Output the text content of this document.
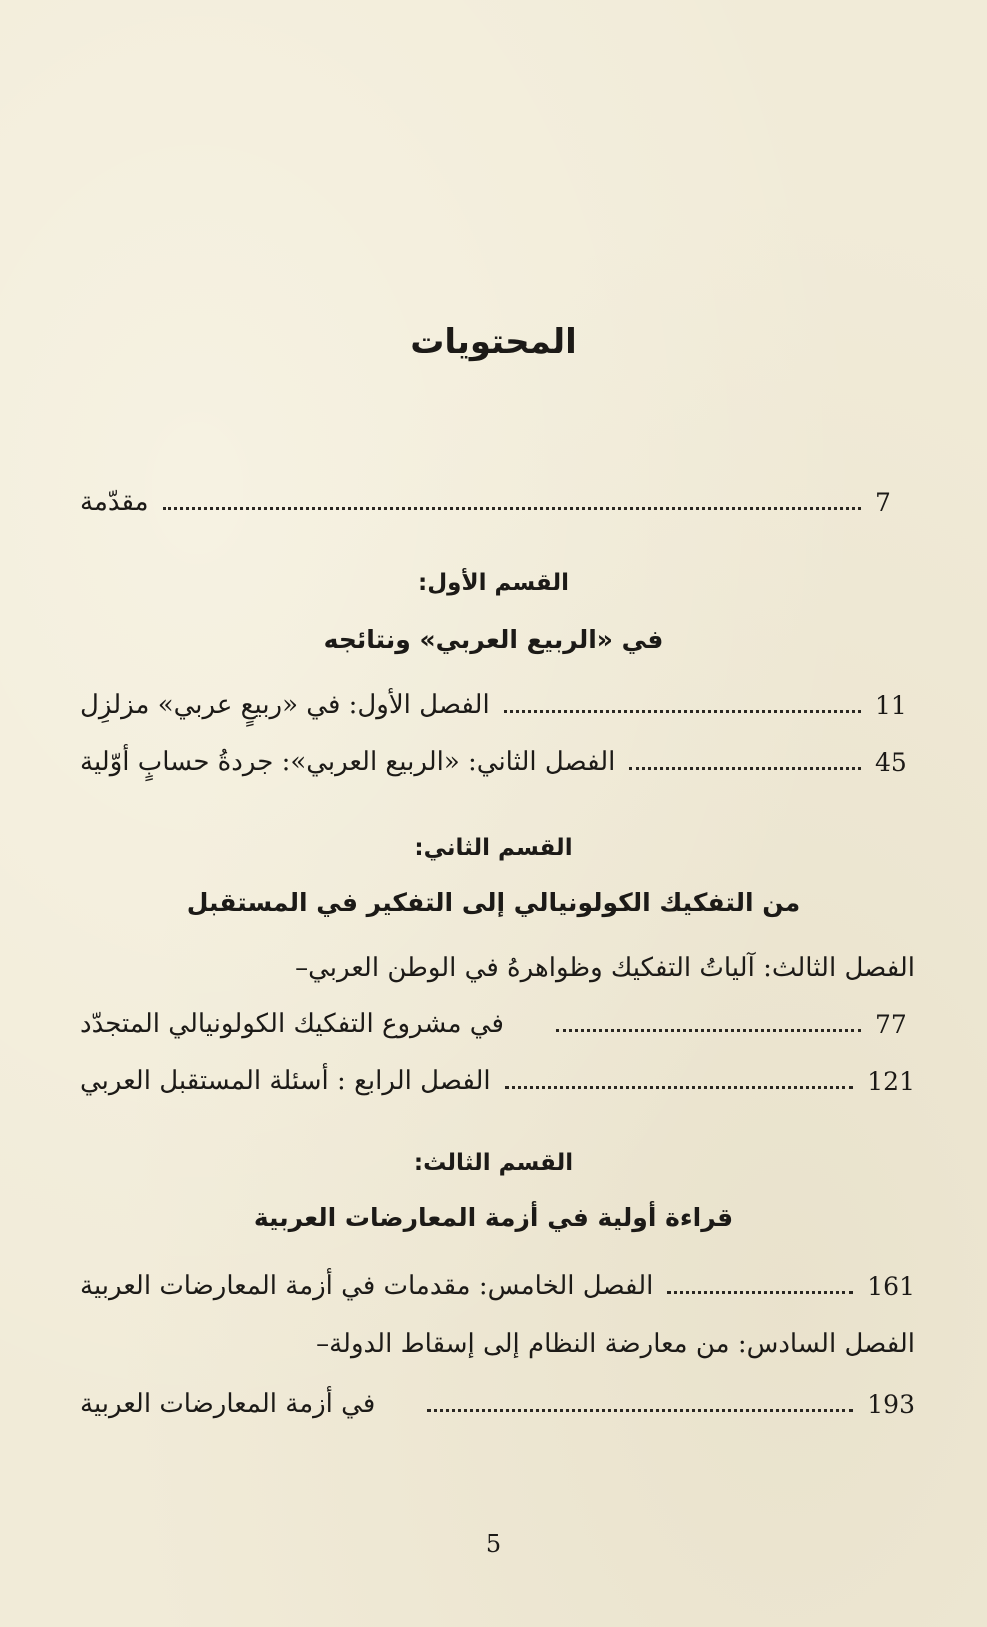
المحتويات
مقدّمة	7
القسم الأول:
في «الربيع العربي» ونتائجه
الفصل الأول: في «ربيعٍ عربي» مزلزِل	11
الفصل الثاني: «الربيع العربي»: جردةُ حسابٍ أوّلية	45
القسم الثاني:
من التفكيك الكولونيالي إلى التفكير في المستقبل
الفصل الثالث: آلياتُ التفكيك وظواهرهُ في الوطن العربي–
في مشروع التفكيك الكولونيالي المتجدّد	77
الفصل الرابع : أسئلة المستقبل العربي	121
القسم الثالث:
قراءة أولية في أزمة المعارضات العربية
الفصل الخامس: مقدمات في أزمة المعارضات العربية	161
الفصل السادس: من معارضة النظام إلى إسقاط الدولة–
في أزمة المعارضات العربية	193
5
